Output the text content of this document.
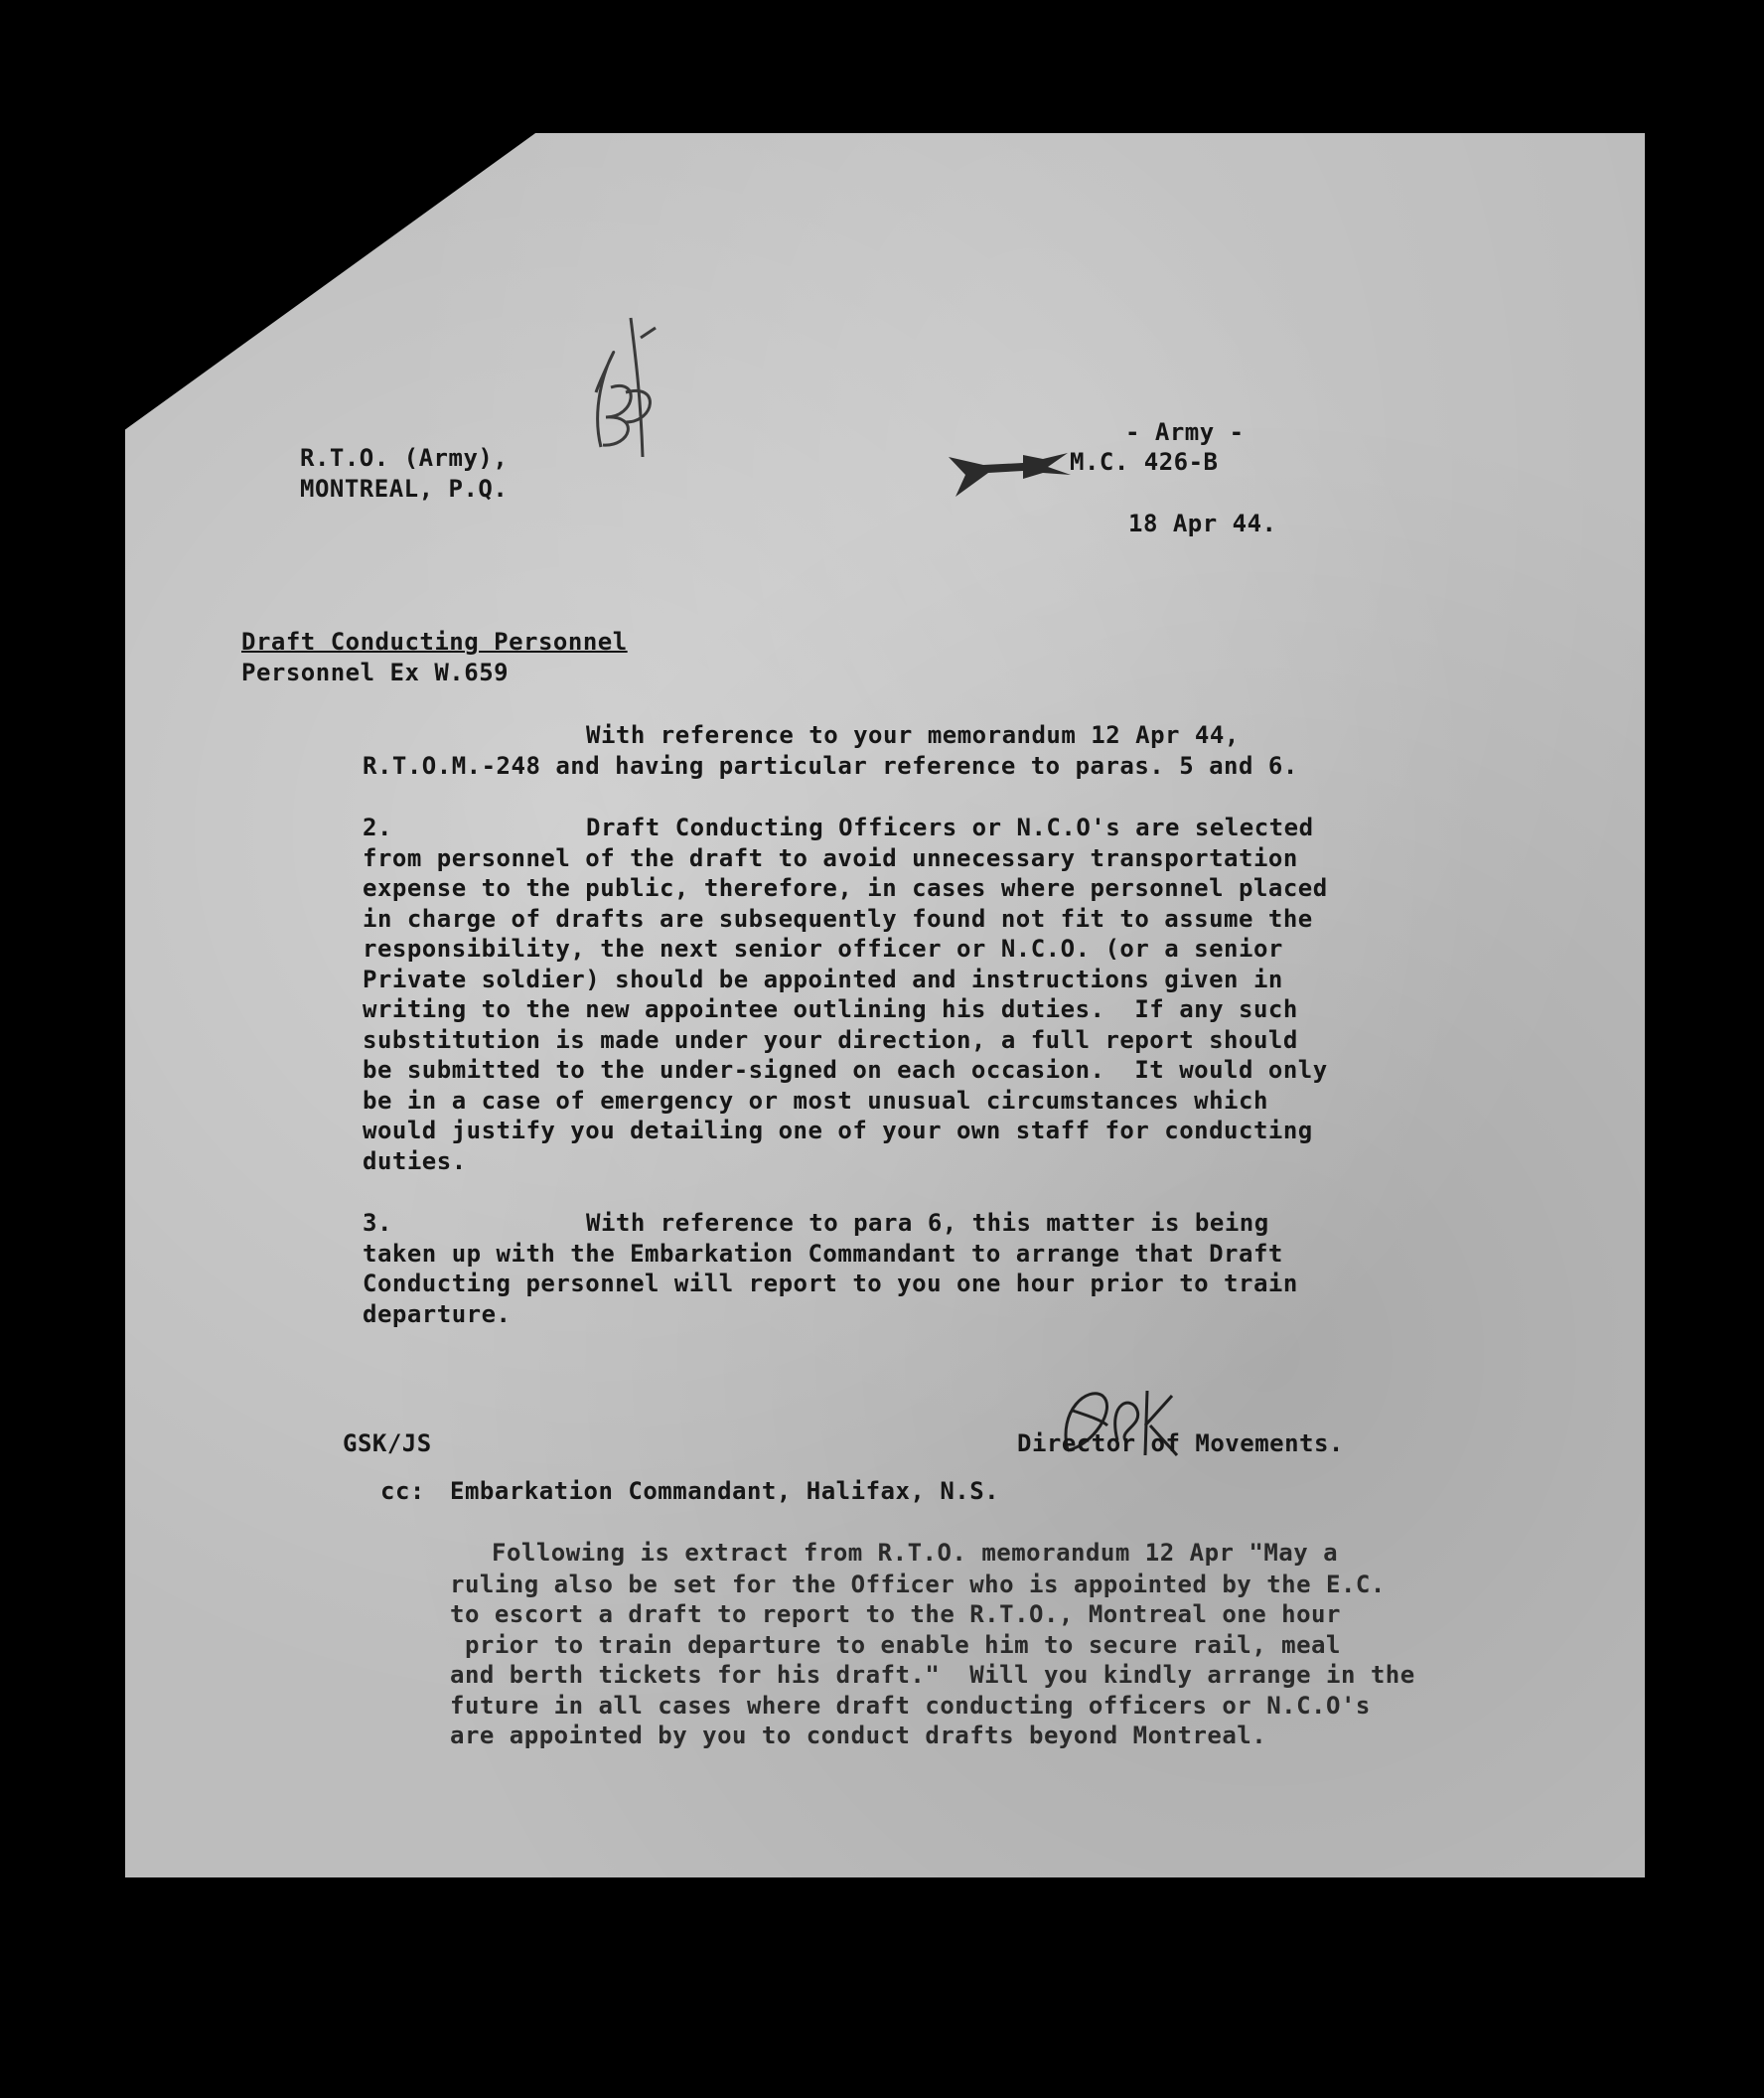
R.T.O. (Army),
MONTREAL, P.Q.
- Army -
M.C. 426-B
18 Apr 44.
Draft Conducting Personnel
Personnel Ex W.659
With reference to your memorandum 12 Apr 44,
R.T.O.M.-248 and having particular reference to paras. 5 and 6.
2.	Draft Conducting Officers or N.C.O's are selected
from personnel of the draft to avoid unnecessary transportation
expense to the public, therefore, in cases where personnel placed
in charge of drafts are subsequently found not fit to assume the
responsibility, the next senior officer or N.C.O. (or a senior
Private soldier) should be appointed and instructions given in
writing to the new appointee outlining his duties.  If any such
substitution is made under your direction, a full report should
be submitted to the under-signed on each occasion.  It would only
be in a case of emergency or most unusual circumstances which
would justify you detailing one of your own staff for conducting
duties.
3.	With reference to para 6, this matter is being
taken up with the Embarkation Commandant to arrange that Draft
Conducting personnel will report to you one hour prior to train
departure.
GSK/JS	Director of Movements.
cc: Embarkation Commandant, Halifax, N.S.
Following is extract from R.T.O. memorandum 12 Apr "May a
ruling also be set for the Officer who is appointed by the E.C.
to escort a draft to report to the R.T.O., Montreal one hour
prior to train departure to enable him to secure rail, meal
and berth tickets for his draft."  Will you kindly arrange in the
future in all cases where draft conducting officers or N.C.O's
are appointed by you to conduct drafts beyond Montreal.
